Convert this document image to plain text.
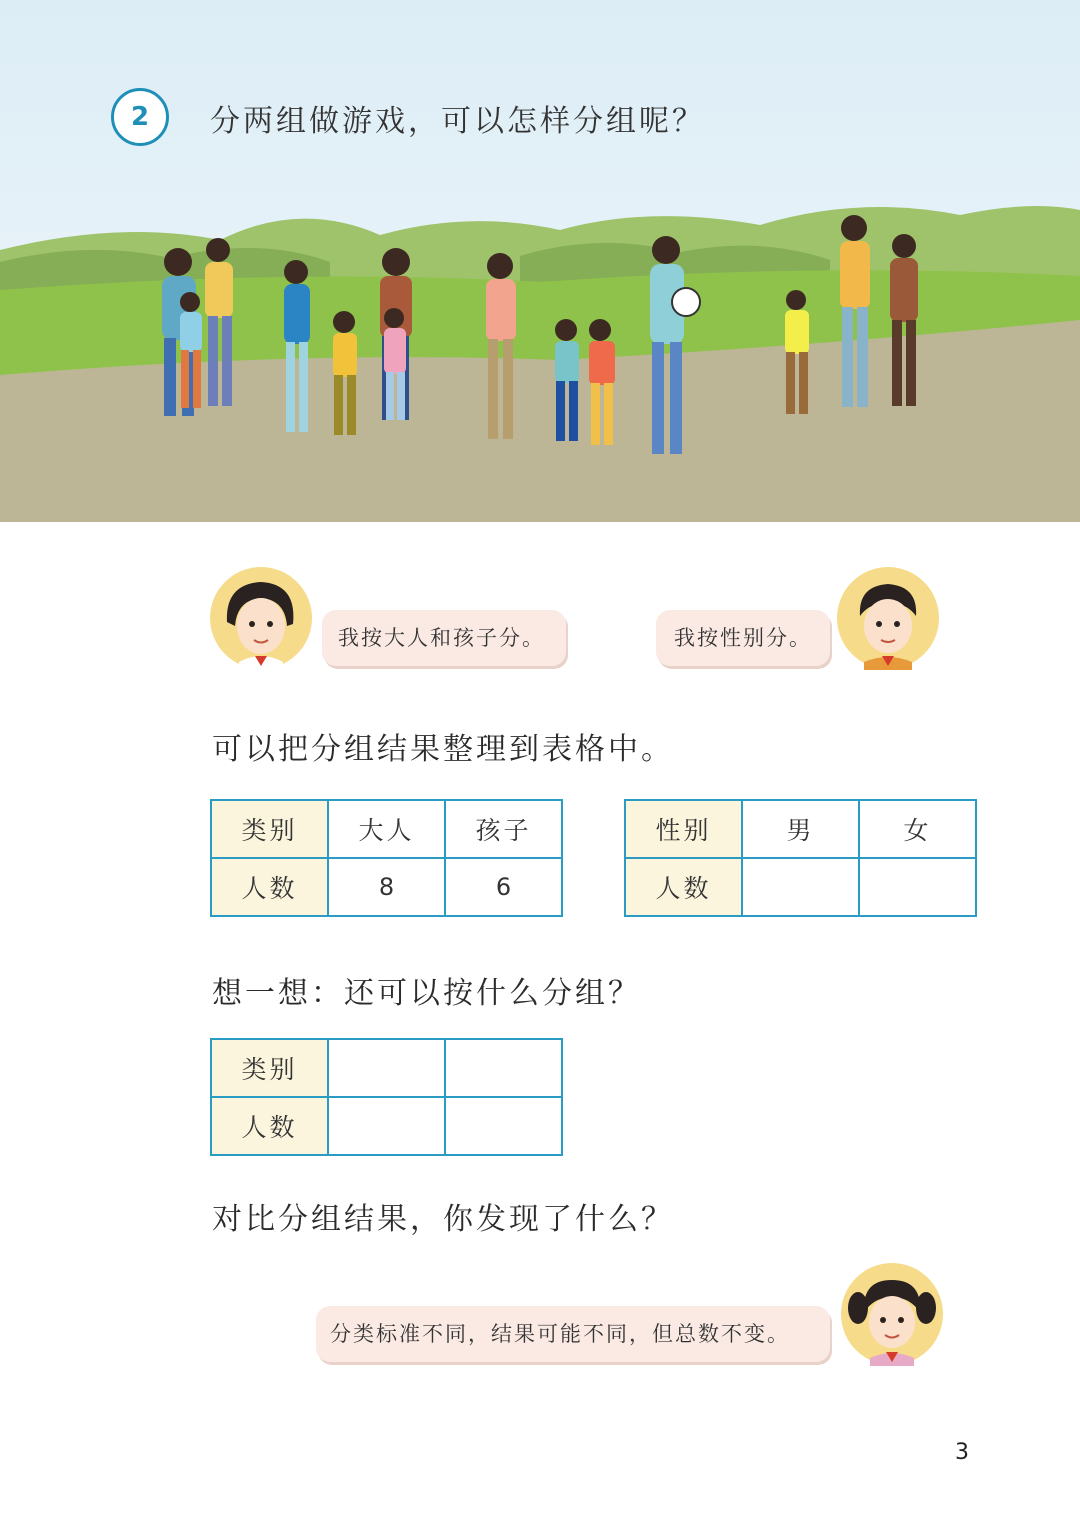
2	分两组做游戏，可以怎样分组呢？
我按大人和孩子分。	我按性别分。
可以把分组结果整理到表格中。
类别	大人	孩子
人数	8	6
性别	男	女
人数		
想一想：还可以按什么分组？
类别		
人数		
对比分组结果，你发现了什么？
分类标准不同，结果可能不同，但总数不变。
3
